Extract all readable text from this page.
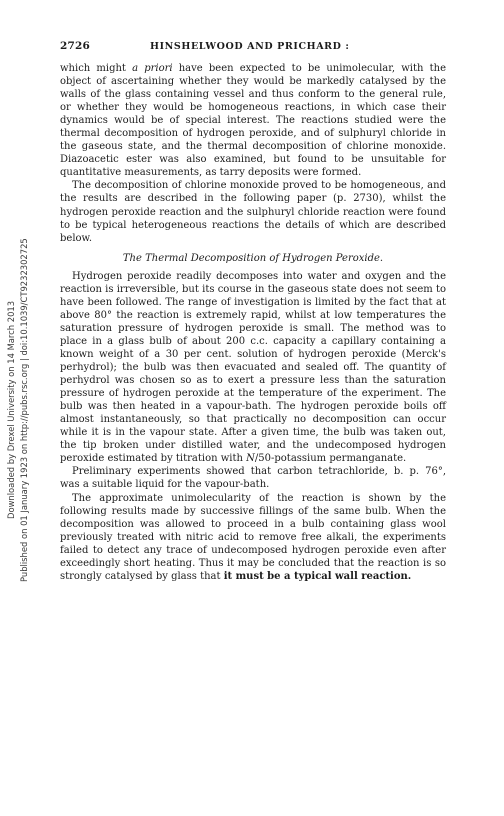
Downloaded by Drexel University on 14 March 2013 Published on 01 January 1923 on http://pubs.rsc.org | doi:10.1039/CT9232302725
2726	HINSHELWOOD AND PRICHARD :

which might a priori have been expected to be unimolecular, with the object of ascertaining whether they would be markedly catalysed by the walls of the glass containing vessel and thus conform to the general rule, or whether they would be homogeneous reactions, in which case their dynamics would be of special interest. The reactions studied were the thermal decomposition of hydrogen peroxide, and of sulphuryl chloride in the gaseous state, and the thermal decomposition of chlorine monoxide. Diazoacetic ester was also examined, but found to be unsuitable for quantitative measurements, as tarry deposits were formed.

The decomposition of chlorine monoxide proved to be homogeneous, and the results are described in the following paper (p. 2730), whilst the hydrogen peroxide reaction and the sulphuryl chloride reaction were found to be typical heterogeneous reactions the details of which are described below.

The Thermal Decomposition of Hydrogen Peroxide.

Hydrogen peroxide readily decomposes into water and oxygen and the reaction is irreversible, but its course in the gaseous state does not seem to have been followed. The range of investigation is limited by the fact that at above 80° the reaction is extremely rapid, whilst at low temperatures the saturation pressure of hydrogen peroxide is small. The method was to place in a glass bulb of about 200 c.c. capacity a capillary containing a known weight of a 30 per cent. solution of hydrogen peroxide (Merck's perhydrol); the bulb was then evacuated and sealed off. The quantity of perhydrol was chosen so as to exert a pressure less than the saturation pressure of hydrogen peroxide at the temperature of the experiment. The bulb was then heated in a vapour-bath. The hydrogen peroxide boils off almost instantaneously, so that practically no decomposition can occur while it is in the vapour state. After a given time, the bulb was taken out, the tip broken under distilled water, and the undecomposed hydrogen peroxide estimated by titration with N/50-potassium permanganate.

Preliminary experiments showed that carbon tetrachloride, b. p. 76°, was a suitable liquid for the vapour-bath.

The approximate unimolecularity of the reaction is shown by the following results made by successive fillings of the same bulb. When the decomposition was allowed to proceed in a bulb containing glass wool previously treated with nitric acid to remove free alkali, the experiments failed to detect any trace of undecomposed hydrogen peroxide even after exceedingly short heating. Thus it may be concluded that the reaction is so strongly catalysed by glass that it must be a typical wall reaction.
